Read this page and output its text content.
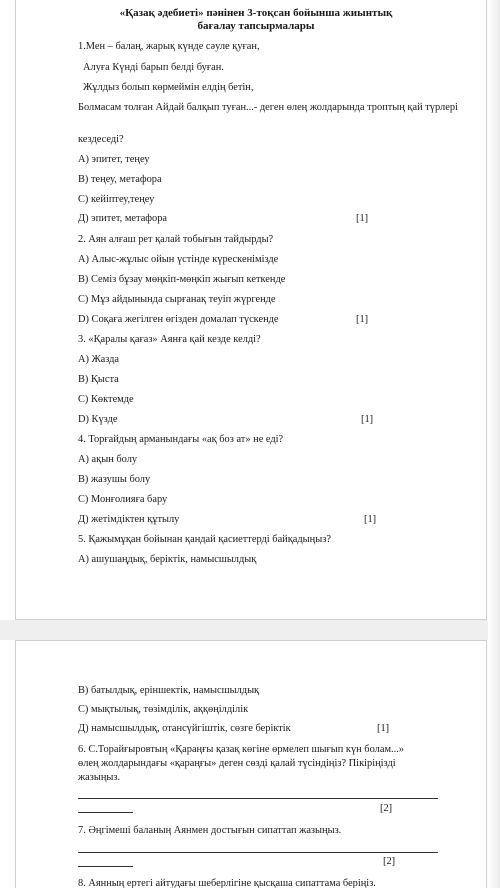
«Қазақ әдебиеті» пәнінен 3-тоқсан бойынша жиынтық бағалау тапсырмалары
1.Мен – балаң, жарық күнде сәуле қуған,
Алуға Күнді барып белді буған.
Жұлдыз болып көрмеймін елдің бетін,
Болмасам толған Айдай балқып туған...- деген өлең жолдарында троптың қай түрлері
кездеседі?
А) эпитет, теңеу
В) теңеу, метафора
С) кейіптеу,теңеу
Д) эпитет, метафора	[1]
2. Аян алғаш рет қалай тобығын тайдырды?
А) Алыс-жұлыс ойын үстінде күрескенімізде
В) Семіз бұзау мөңкіп-мөңкіп жығып кеткенде
С) Мұз айдынында сырғанақ теуіп жүргенде
D) Соқаға жегілген өгізден домалап түскенде	[1]
3. «Қаралы қағаз» Аянға қай кезде келді?
А) Жазда
В) Қыста
С) Көктемде
D) Күзде	[1]
4. Торғайдың арманындағы «ақ боз ат» не еді?
А) ақын болу
В) жазушы болу
С) Монғолияға бару
Д) жетімдіктен құтылу	[1]
5. Қажымұқан бойынан қандай қасиеттерді байқадыңыз?
А) ашушаңдық, беріктік, намысшылдық
В) батылдық, еріншектік, намысшылдық
С) мықтылық, төзімділік, аққөңілділік
Д) намысшылдық, отансүйгіштік, сөзге беріктік	[1]
6. С.Торайғыровтың «Қараңғы қазақ көгіне өрмелеп шығып күн болам...»
өлең жолдарындағы «қараңғы» деген сөзді қалай түсіндіңіз? Пікіріңізді
жазыңыз.
[2]
7. Әңгімеші баланың Аянмен достығын сипаттап жазыңыз.
[2]
8. Аянның ертегі айтудағы шеберлігіне қысқаша сипаттама беріңіз.
